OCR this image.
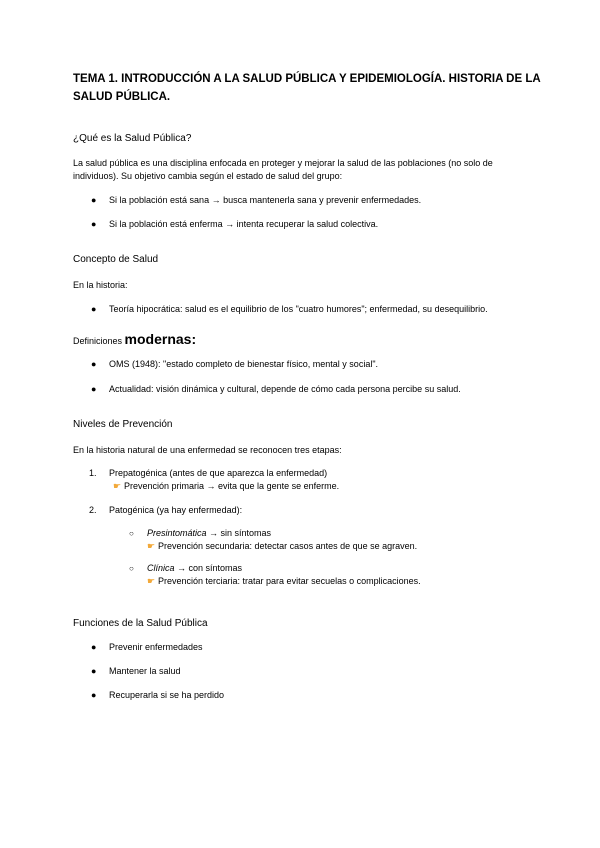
TEMA 1. INTRODUCCIÓN A LA SALUD PÚBLICA Y EPIDEMIOLOGÍA. HISTORIA DE LA SALUD PÚBLICA.
¿Qué es la Salud Pública?
La salud pública es una disciplina enfocada en proteger y mejorar la salud de las poblaciones (no solo de individuos). Su objetivo cambia según el estado de salud del grupo:
● Si la población está sana → busca mantenerla sana y prevenir enfermedades.
● Si la población está enferma → intenta recuperar la salud colectiva.
Concepto de Salud
En la historia:
● Teoría hipocrática: salud es el equilibrio de los "cuatro humores"; enfermedad, su desequilibrio.
Definiciones modernas:
● OMS (1948): "estado completo de bienestar físico, mental y social".
● Actualidad: visión dinámica y cultural, depende de cómo cada persona percibe su salud.
Niveles de Prevención
En la historia natural de una enfermedad se reconocen tres etapas:
1. Prepatogénica (antes de que aparezca la enfermedad)
☛ Prevención primaria → evita que la gente se enferme.
2. Patogénica (ya hay enfermedad):
○ Presintomática → sin síntomas
☛ Prevención secundaria: detectar casos antes de que se agraven.
○ Clínica → con síntomas
☛ Prevención terciaria: tratar para evitar secuelas o complicaciones.
Funciones de la Salud Pública
● Prevenir enfermedades
● Mantener la salud
● Recuperarla si se ha perdido
